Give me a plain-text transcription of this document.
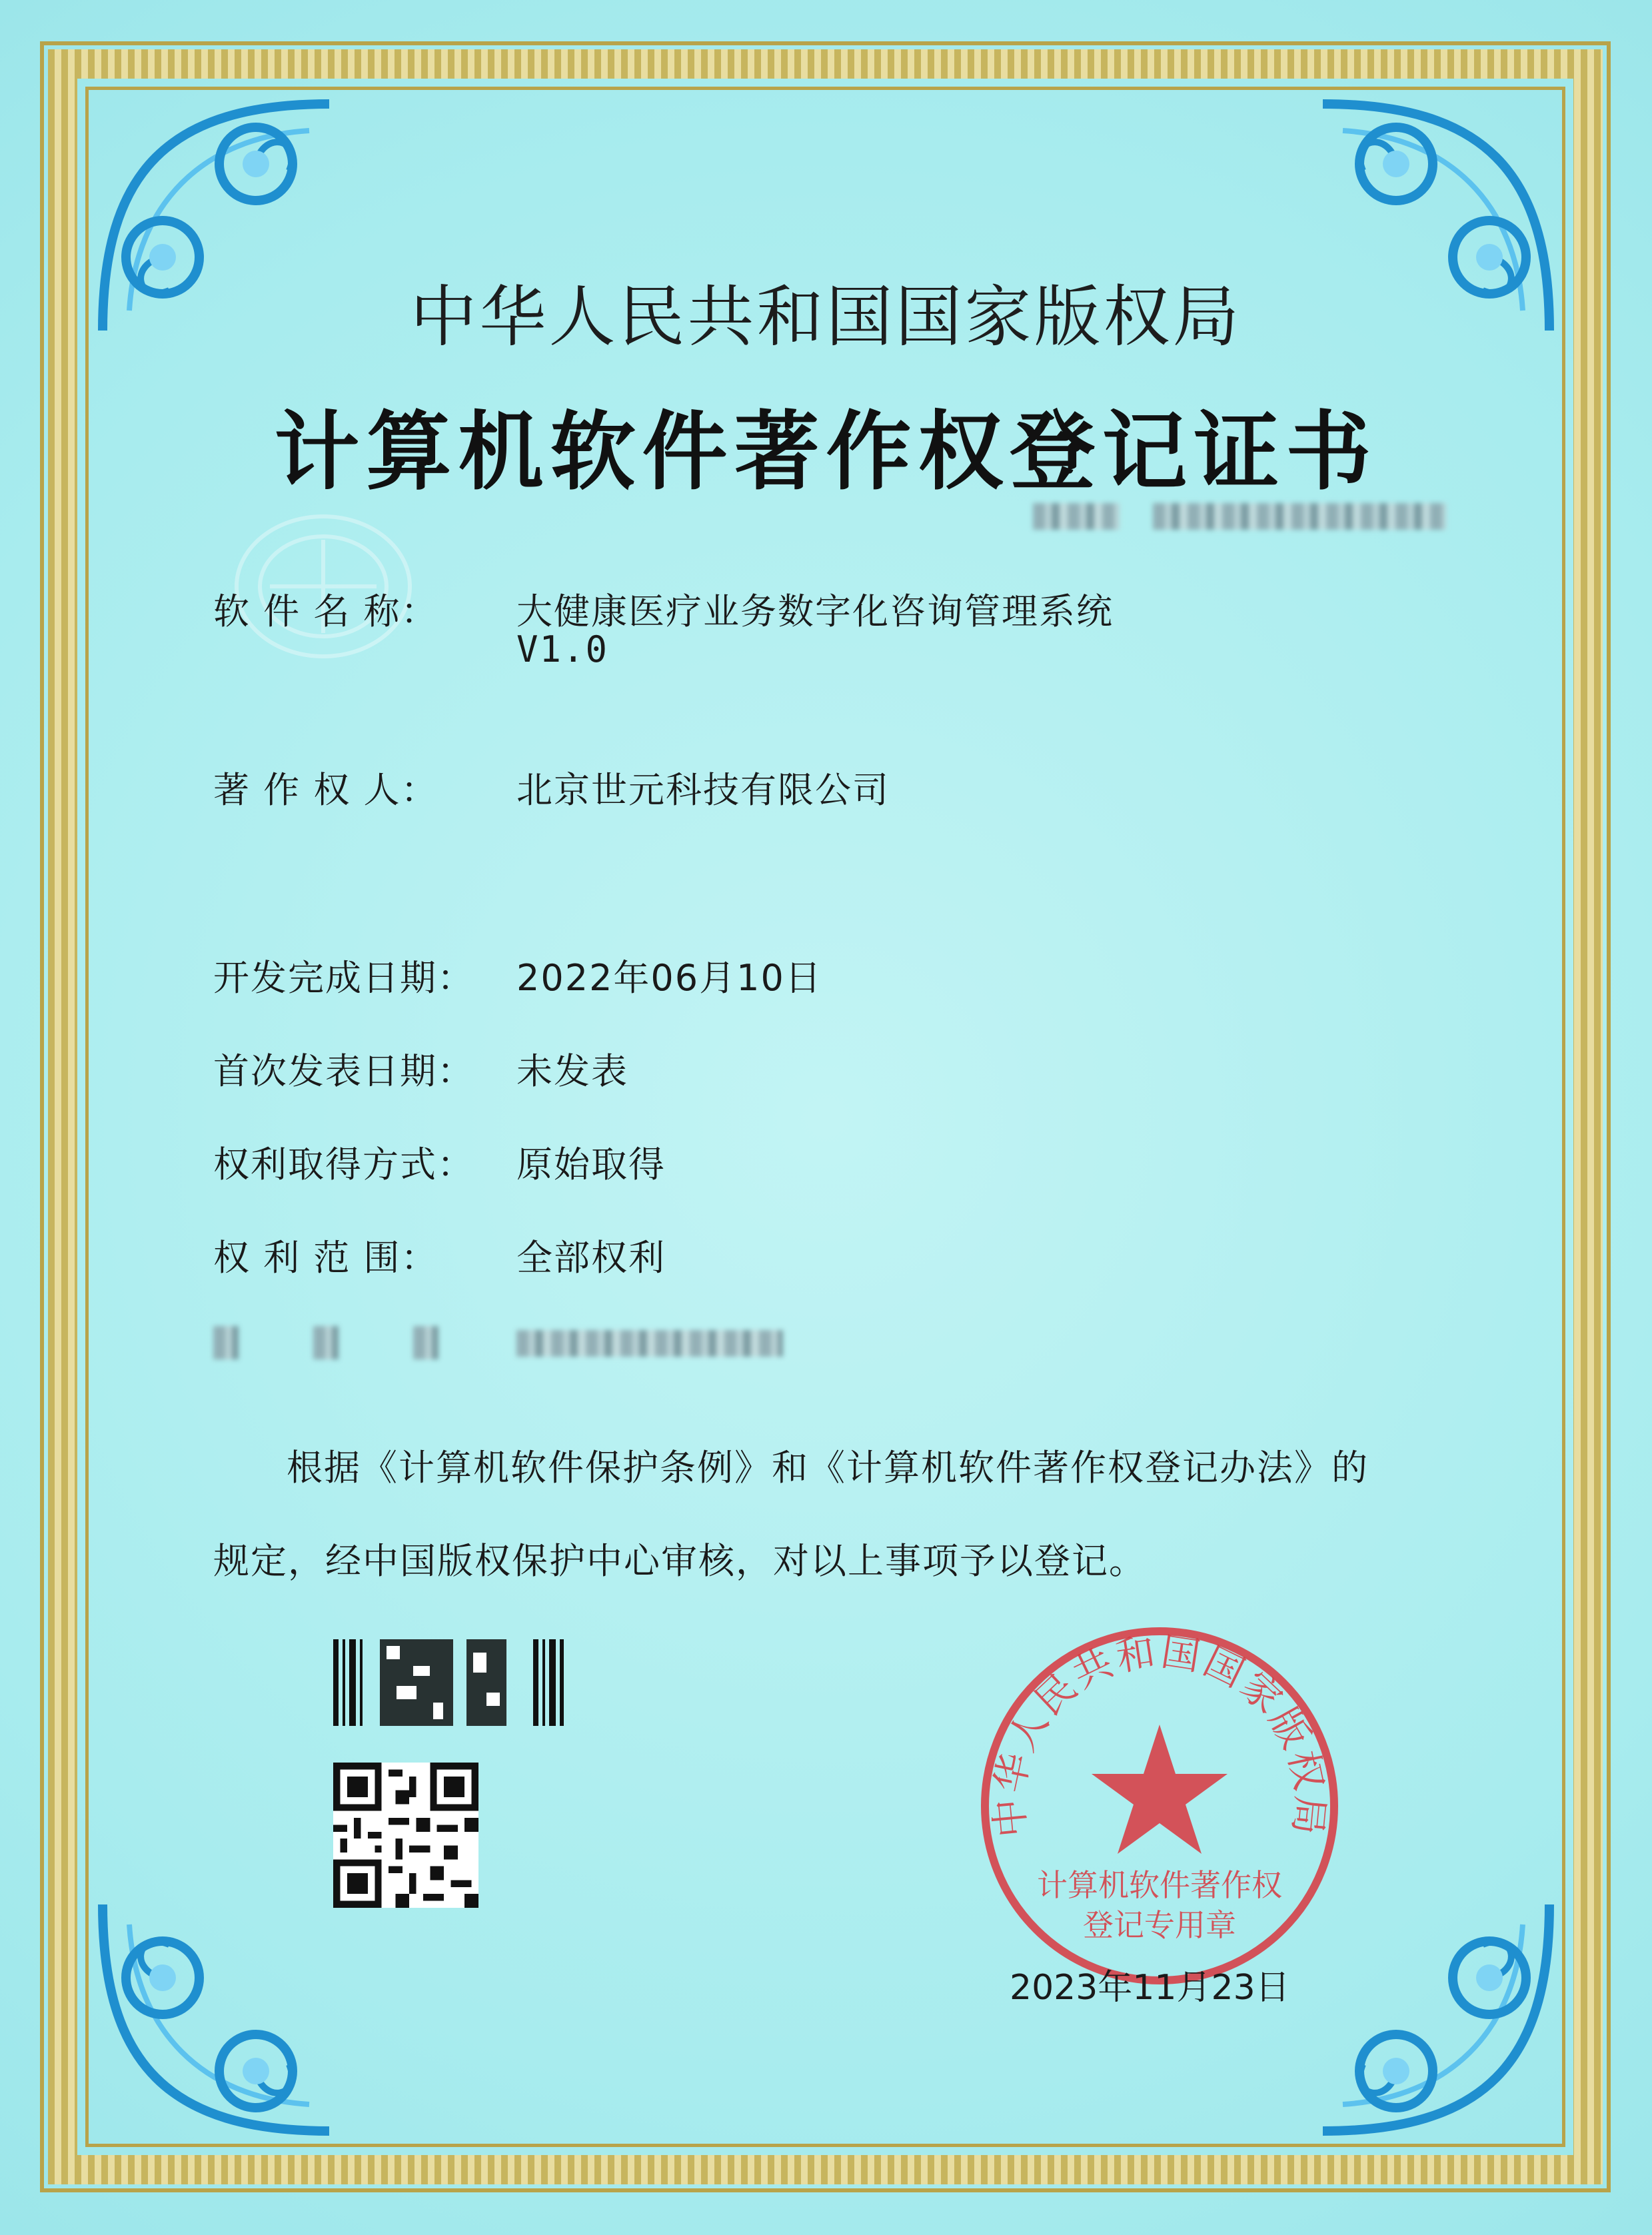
中华人民共和国国家版权局
计算机软件著作权登记证书

软 件 名 称：	大健康医疗业务数字化咨询管理系统
V1.0
著 作 权 人：	北京世元科技有限公司
开发完成日期：	2022年06月10日
首次发表日期：	未发表
权利取得方式：	原始取得
权 利 范 围：	全部权利
根据《计算机软件保护条例》和《计算机软件著作权登记办法》的
规定，经中国版权保护中心审核，对以上事项予以登记。
中华人民共和国国家版权局
计算机软件著作权
登记专用章
2023年11月23日
